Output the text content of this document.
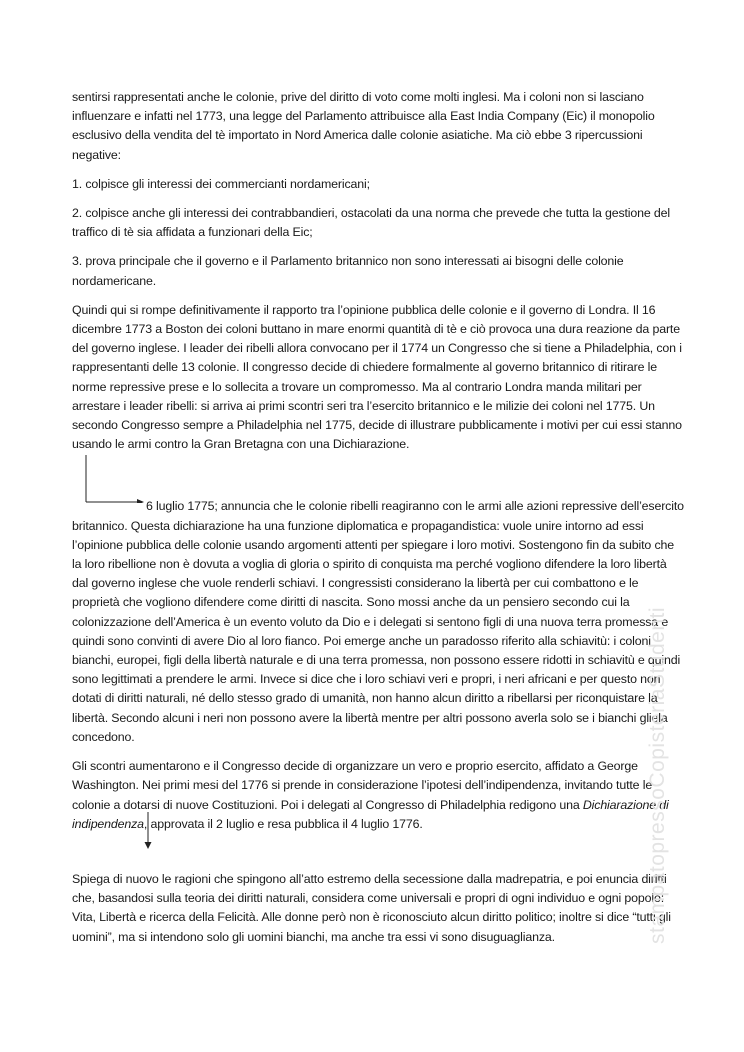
sentirsi rappresentati anche le colonie, prive del diritto di voto come molti inglesi. Ma i coloni non si lasciano influenzare e infatti nel 1773, una legge del Parlamento attribuisce alla East India Company (Eic) il monopolio esclusivo della vendita del tè importato in Nord America dalle colonie asiatiche. Ma ciò ebbe 3 ripercussioni negative:

1. colpisce gli interessi dei commercianti nordamericani;

2. colpisce anche gli interessi dei contrabbandieri, ostacolati da una norma che prevede che tutta la gestione del traffico di tè sia affidata a funzionari della Eic;

3. prova principale che il governo e il Parlamento britannico non sono interessati ai bisogni delle colonie nordamericane.

Quindi qui si rompe definitivamente il rapporto tra l’opinione pubblica delle colonie e il governo di Londra. Il 16 dicembre 1773 a Boston dei coloni buttano in mare enormi quantità di tè e ciò provoca una dura reazione da parte del governo inglese. I leader dei ribelli allora convocano per il 1774 un Congresso che si tiene a Philadelphia, con i rappresentanti delle 13 colonie. Il congresso decide di chiedere formalmente al governo britannico di ritirare le norme repressive prese e lo sollecita a trovare un compromesso. Ma al contrario Londra manda militari per arrestare i leader ribelli: si arriva ai primi scontri seri tra l’esercito britannico e le milizie dei coloni nel 1775. Un secondo Congresso sempre a Philadelphia nel 1775, decide di illustrare pubblicamente i motivi per cui essi stanno usando le armi contro la Gran Bretagna con una Dichiarazione.

6 luglio 1775; annuncia che le colonie ribelli reagiranno con le armi alle azioni repressive dell’esercito britannico. Questa dichiarazione ha una funzione diplomatica e propagandistica: vuole unire intorno ad essi l’opinione pubblica delle colonie usando argomenti attenti per spiegare i loro motivi. Sostengono fin da subito che la loro ribellione non è dovuta a voglia di gloria o spirito di conquista ma perché vogliono difendere la loro libertà dal governo inglese che vuole renderli schiavi. I congressisti considerano la libertà per cui combattono e le proprietà che vogliono difendere come diritti di nascita. Sono mossi anche da un pensiero secondo cui la colonizzazione dell’America è un evento voluto da Dio e i delegati si sentono figli di una nuova terra promessa e quindi sono convinti di avere Dio al loro fianco. Poi emerge anche un paradosso riferito alla schiavitù: i coloni bianchi, europei, figli della libertà naturale e di una terra promessa, non possono essere ridotti in schiavitù e quindi sono legittimati a prendere le armi. Invece si dice che i loro schiavi veri e propri, i neri africani e per questo non dotati di diritti naturali, né dello stesso grado di umanità, non hanno alcun diritto a ribellarsi per riconquistare la libertà. Secondo alcuni i neri non possono avere la libertà mentre per altri possono averla solo se i bianchi gliela concedono.

Gli scontri aumentarono e il Congresso decide di organizzare un vero e proprio esercito, affidato a George Washington. Nei primi mesi del 1776 si prende in considerazione l’ipotesi dell’indipendenza, invitando tutte le colonie a dotarsi di nuove Costituzioni. Poi i delegati al Congresso di Philadelphia redigono una Dichiarazione di indipendenza, approvata il 2 luglio e resa pubblica il 4 luglio 1776.

Spiega di nuovo le ragioni che spingono all’atto estremo della secessione dalla madrepatria, e poi enuncia diritti che, basandosi sulla teoria dei diritti naturali, considera come universali e propri di ogni individuo e ogni popolo: Vita, Libertà e ricerca della Felicità. Alle donne però non è riconosciuto alcun diritto politico; inoltre si dice “tutti gli uomini”, ma si intendono solo gli uomini bianchi, ma anche tra essi vi sono disuguaglianza.	stampatopressoCopisteriaStudenti
